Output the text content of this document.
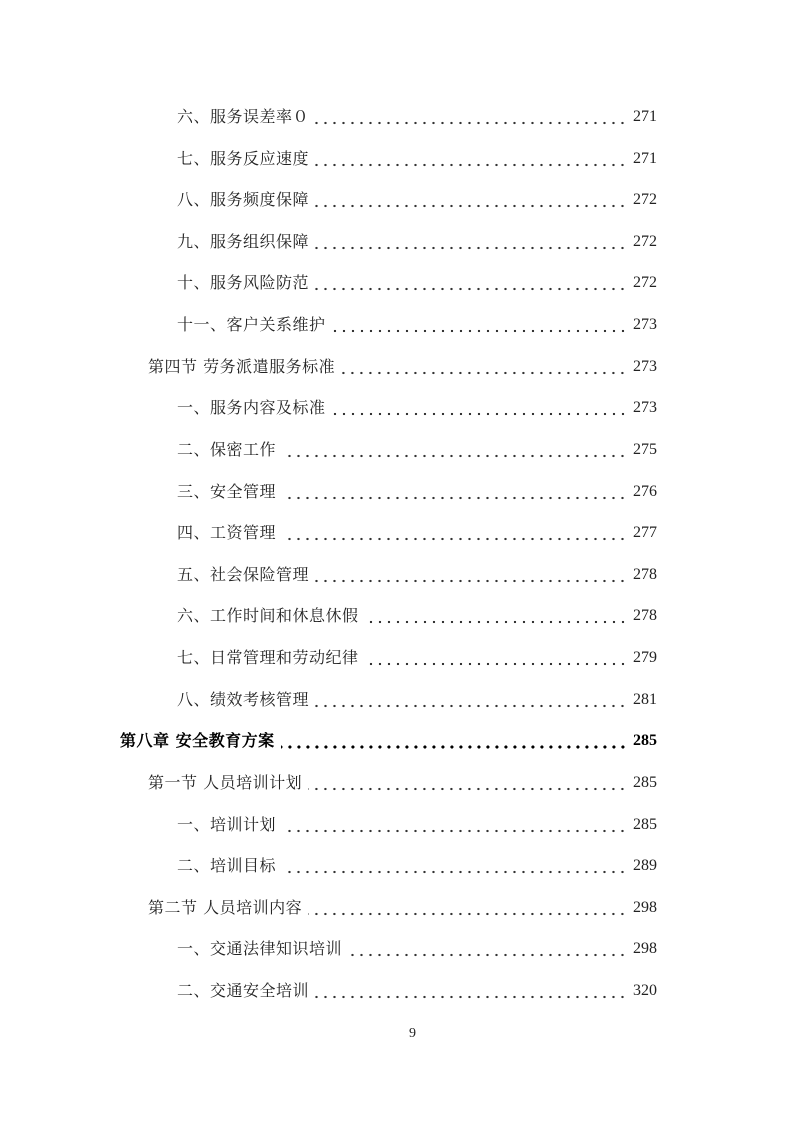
六、服务误差率０	271
七、服务反应速度	271
八、服务频度保障	272
九、服务组织保障	272
十、服务风险防范	272
十一、客户关系维护	273
第四节 劳务派遣服务标准	273
一、服务内容及标准	273
二、保密工作	275
三、安全管理	276
四、工资管理	277
五、社会保险管理	278
六、工作时间和休息休假	278
七、日常管理和劳动纪律	279
八、绩效考核管理	281
第八章 安全教育方案	285
第一节 人员培训计划	285
一、培训计划	285
二、培训目标	289
第二节 人员培训内容	298
一、交通法律知识培训	298
二、交通安全培训	320
9
